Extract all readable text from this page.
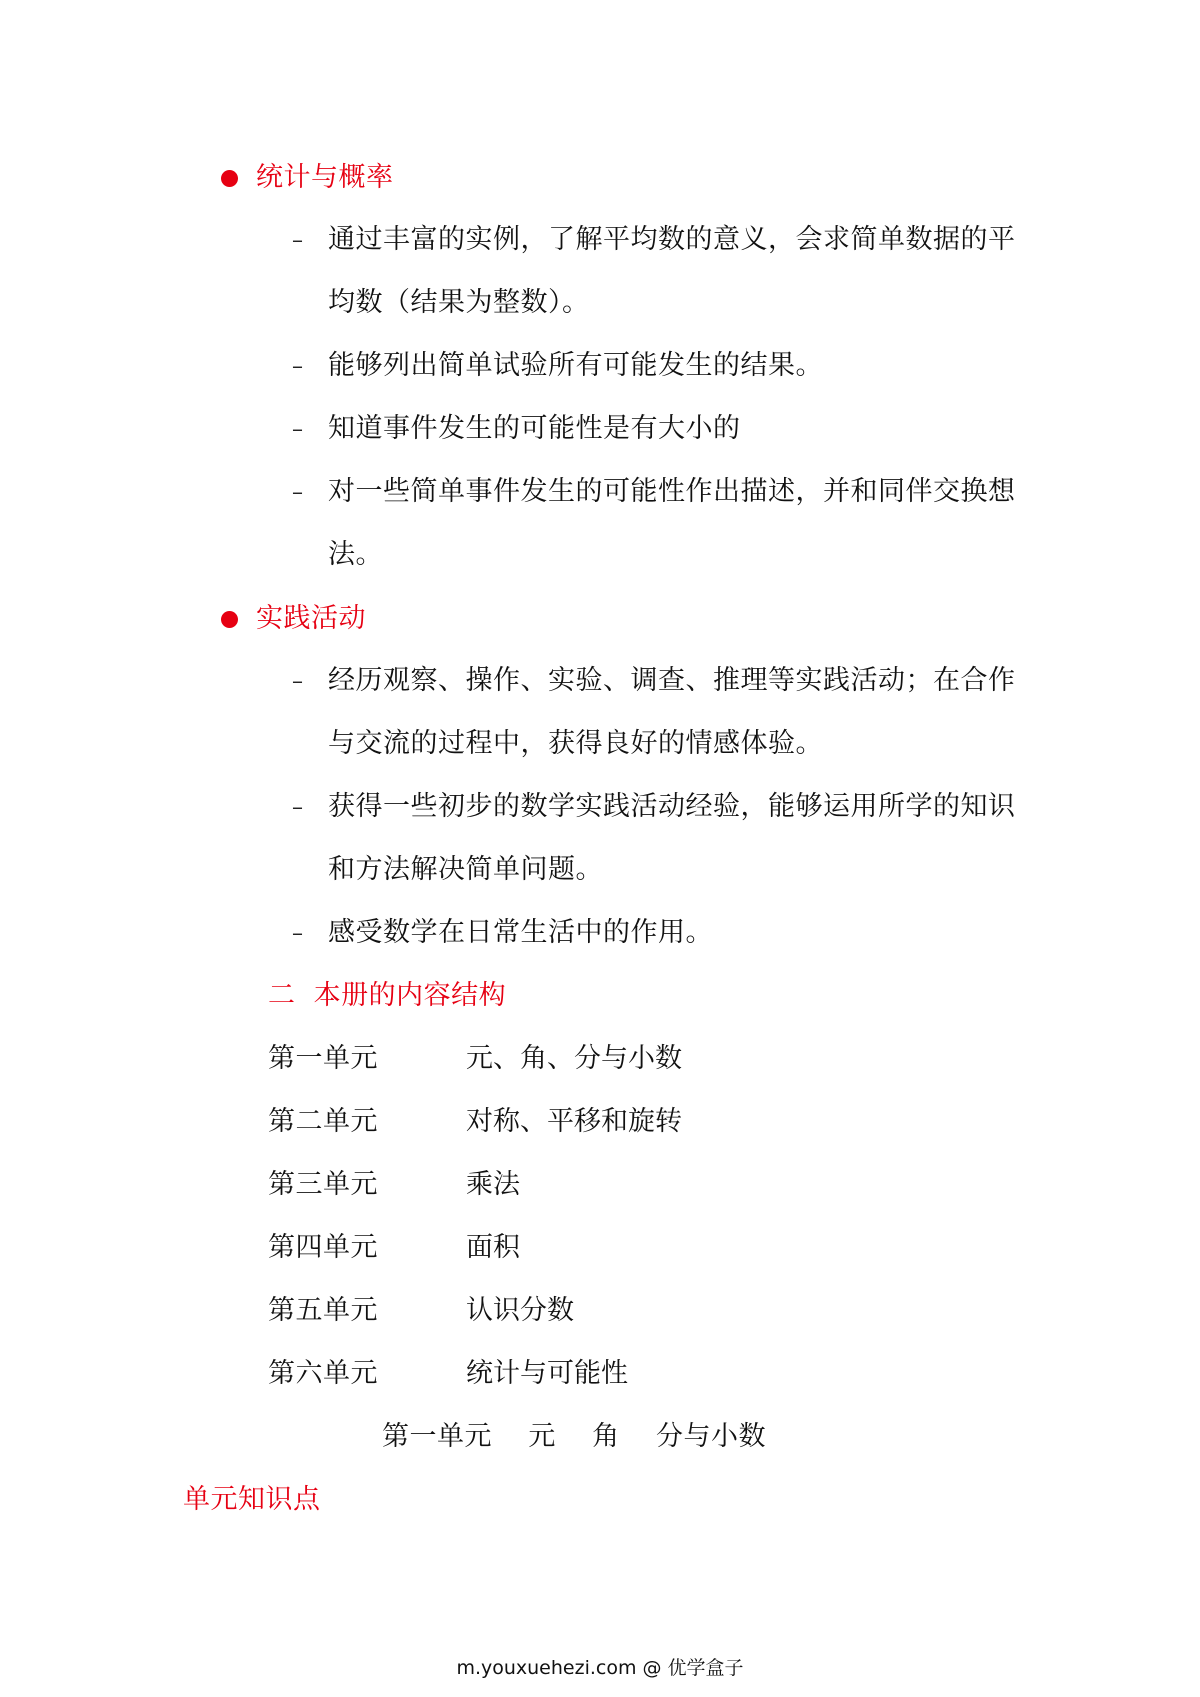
统计与概率
– 通过丰富的实例，了解平均数的意义，会求简单数据的平
均数（结果为整数）。
– 能够列出简单试验所有可能发生的结果。
– 知道事件发生的可能性是有大小的
– 对一些简单事件发生的可能性作出描述，并和同伴交换想
法。
实践活动
– 经历观察、操作、实验、调查、推理等实践活动；在合作
与交流的过程中，获得良好的情感体验。
– 获得一些初步的数学实践活动经验，能够运用所学的知识
和方法解决简单问题。
– 感受数学在日常生活中的作用。
二  本册的内容结构
第一单元	元、角、分与小数
第二单元	对称、平移和旋转
第三单元	乘法
第四单元	面积
第五单元	认识分数
第六单元	统计与可能性
第一单元    元    角    分与小数
单元知识点
m.youxuehezi.com @ 优学盒子
